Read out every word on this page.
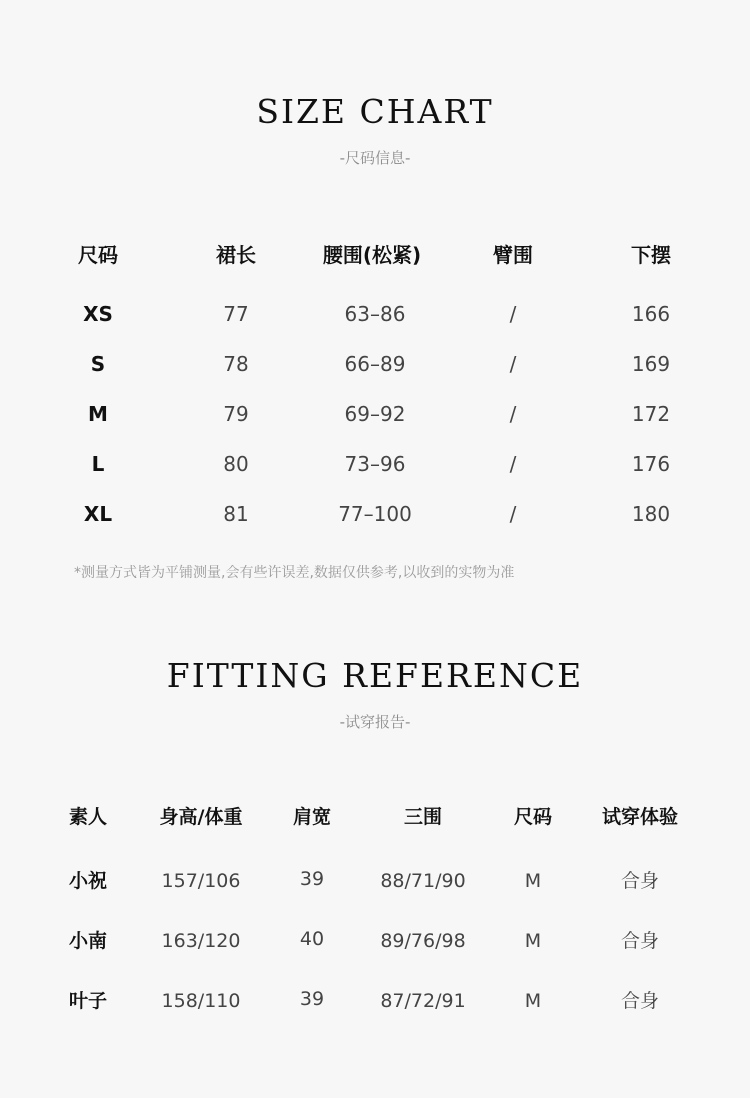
SIZE CHART
-尺码信息-
尺码	裙长	腰围(松紧)	臂围	下摆
XS	77	63–86	/	166
S	78	66–89	/	169
M	79	69–92	/	172
L	80	73–96	/	176
XL	81	77–100	/	180
*测量方式皆为平铺测量,会有些许误差,数据仅供参考,以收到的实物为准
FITTING REFERENCE
-试穿报告-
素人	身高/体重	肩宽	三围	尺码	试穿体验
小祝	157/106	39	88/71/90	M	合身
小南	163/120	40	89/76/98	M	合身
叶子	158/110	39	87/72/91	M	合身
